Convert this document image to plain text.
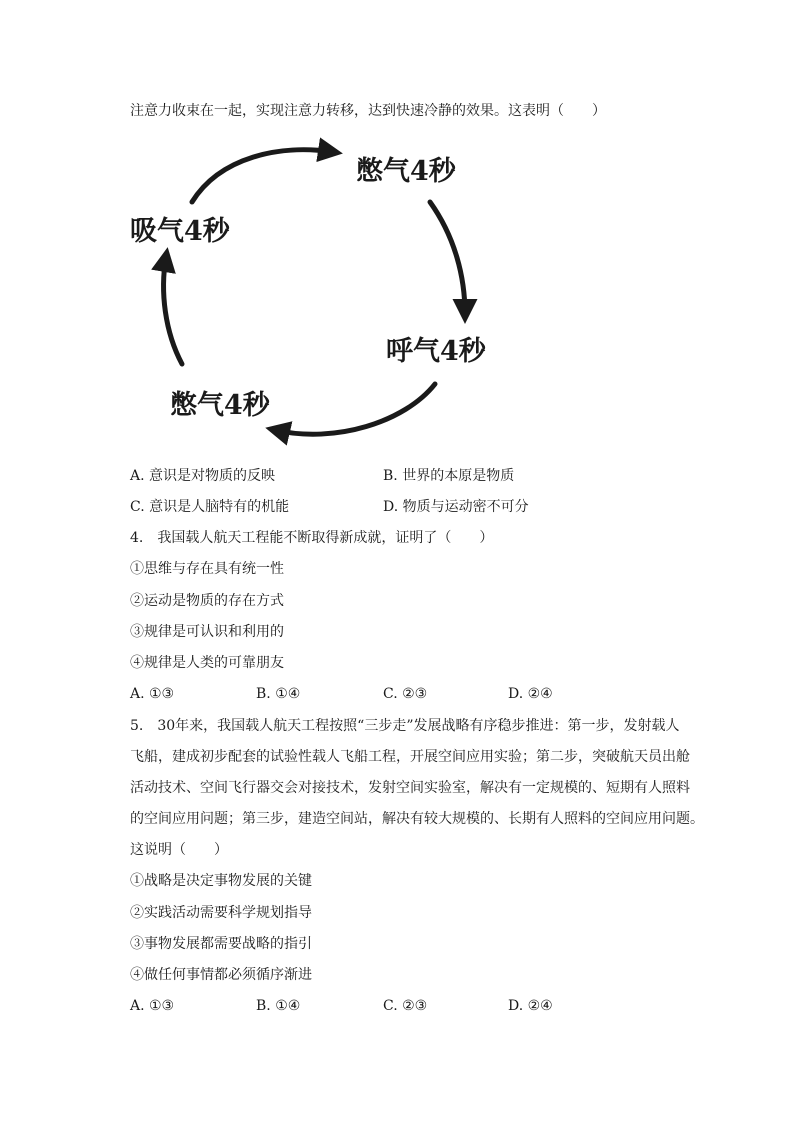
注意力收束在一起，实现注意力转移，达到快速冷静的效果。这表明（　　）
憋气4秒
呼气4秒
憋气4秒
吸气4秒
A. 意识是对物质的反映	B. 世界的本原是物质
C. 意识是人脑特有的机能	D. 物质与运动密不可分
4.　我国载人航天工程能不断取得新成就，证明了（　　）
①思维与存在具有统一性
②运动是物质的存在方式
③规律是可认识和利用的
④规律是人类的可靠朋友
A. ①③	B. ①④	C. ②③	D. ②④
5.　30年来，我国载人航天工程按照“三步走”发展战略有序稳步推进：第一步，发射载人
飞船，建成初步配套的试验性载人飞船工程，开展空间应用实验；第二步，突破航天员出舱
活动技术、空间飞行器交会对接技术，发射空间实验室，解决有一定规模的、短期有人照料
的空间应用问题；第三步，建造空间站，解决有较大规模的、长期有人照料的空间应用问题。
这说明（　　）
①战略是决定事物发展的关键
②实践活动需要科学规划指导
③事物发展都需要战略的指引
④做任何事情都必须循序渐进
A. ①③	B. ①④	C. ②③	D. ②④
